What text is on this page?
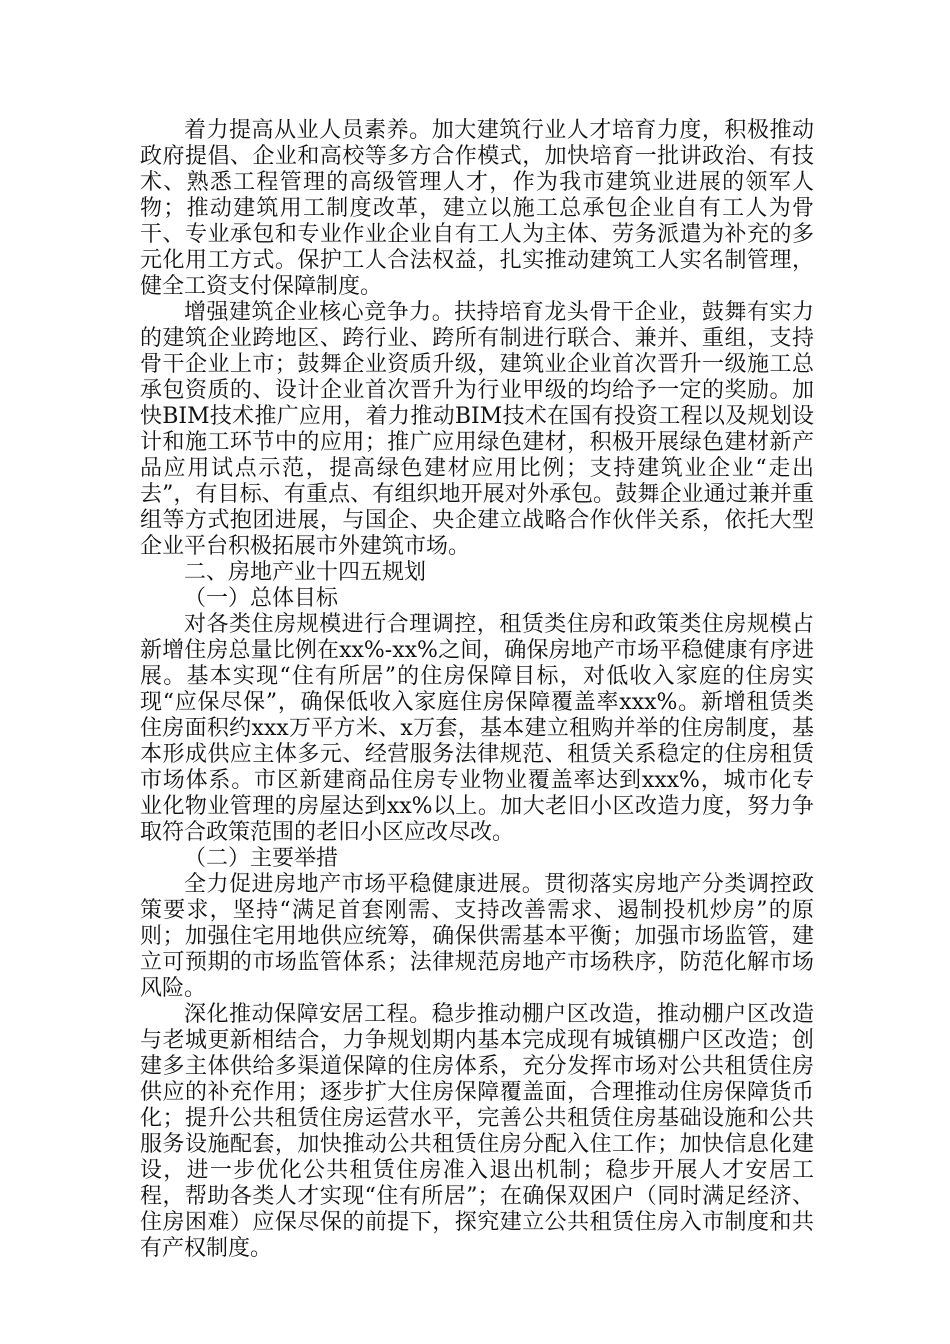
着力提高从业人员素养。加大建筑行业人才培育力度，积极推动政府提倡、企业和高校等多方合作模式，加快培育一批讲政治、有技术、熟悉工程管理的高级管理人才，作为我市建筑业进展的领军人物；推动建筑用工制度改革，建立以施工总承包企业自有工人为骨干、专业承包和专业作业企业自有工人为主体、劳务派遣为补充的多元化用工方式。保护工人合法权益，扎实推动建筑工人实名制管理，健全工资支付保障制度。

增强建筑企业核心竞争力。扶持培育龙头骨干企业，鼓舞有实力的建筑企业跨地区、跨行业、跨所有制进行联合、兼并、重组，支持骨干企业上市；鼓舞企业资质升级，建筑业企业首次晋升一级施工总承包资质的、设计企业首次晋升为行业甲级的均给予一定的奖励。加快BIM技术推广应用，着力推动BIM技术在国有投资工程以及规划设计和施工环节中的应用；推广应用绿色建材，积极开展绿色建材新产品应用试点示范，提高绿色建材应用比例；支持建筑业企业“走出去”，有目标、有重点、有组织地开展对外承包。鼓舞企业通过兼并重组等方式抱团进展，与国企、央企建立战略合作伙伴关系，依托大型企业平台积极拓展市外建筑市场。

二、房地产业十四五规划

（一）总体目标

对各类住房规模进行合理调控，租赁类住房和政策类住房规模占新增住房总量比例在xx%-xx%之间，确保房地产市场平稳健康有序进展。基本实现“住有所居”的住房保障目标，对低收入家庭的住房实现“应保尽保”，确保低收入家庭住房保障覆盖率xxx%。新增租赁类住房面积约xxx万平方米、x万套，基本建立租购并举的住房制度，基本形成供应主体多元、经营服务法律规范、租赁关系稳定的住房租赁市场体系。市区新建商品住房专业物业覆盖率达到xxx%，城市化专业化物业管理的房屋达到xx%以上。加大老旧小区改造力度，努力争取符合政策范围的老旧小区应改尽改。

（二）主要举措

全力促进房地产市场平稳健康进展。贯彻落实房地产分类调控政策要求，坚持“满足首套刚需、支持改善需求、遏制投机炒房”的原则；加强住宅用地供应统筹，确保供需基本平衡；加强市场监管，建立可预期的市场监管体系；法律规范房地产市场秩序，防范化解市场风险。

深化推动保障安居工程。稳步推动棚户区改造，推动棚户区改造与老城更新相结合，力争规划期内基本完成现有城镇棚户区改造；创建多主体供给多渠道保障的住房体系，充分发挥市场对公共租赁住房供应的补充作用；逐步扩大住房保障覆盖面，合理推动住房保障货币化；提升公共租赁住房运营水平，完善公共租赁住房基础设施和公共服务设施配套，加快推动公共租赁住房分配入住工作；加快信息化建设，进一步优化公共租赁住房准入退出机制；稳步开展人才安居工程，帮助各类人才实现“住有所居”；在确保双困户（同时满足经济、住房困难）应保尽保的前提下，探究建立公共租赁住房入市制度和共有产权制度。
